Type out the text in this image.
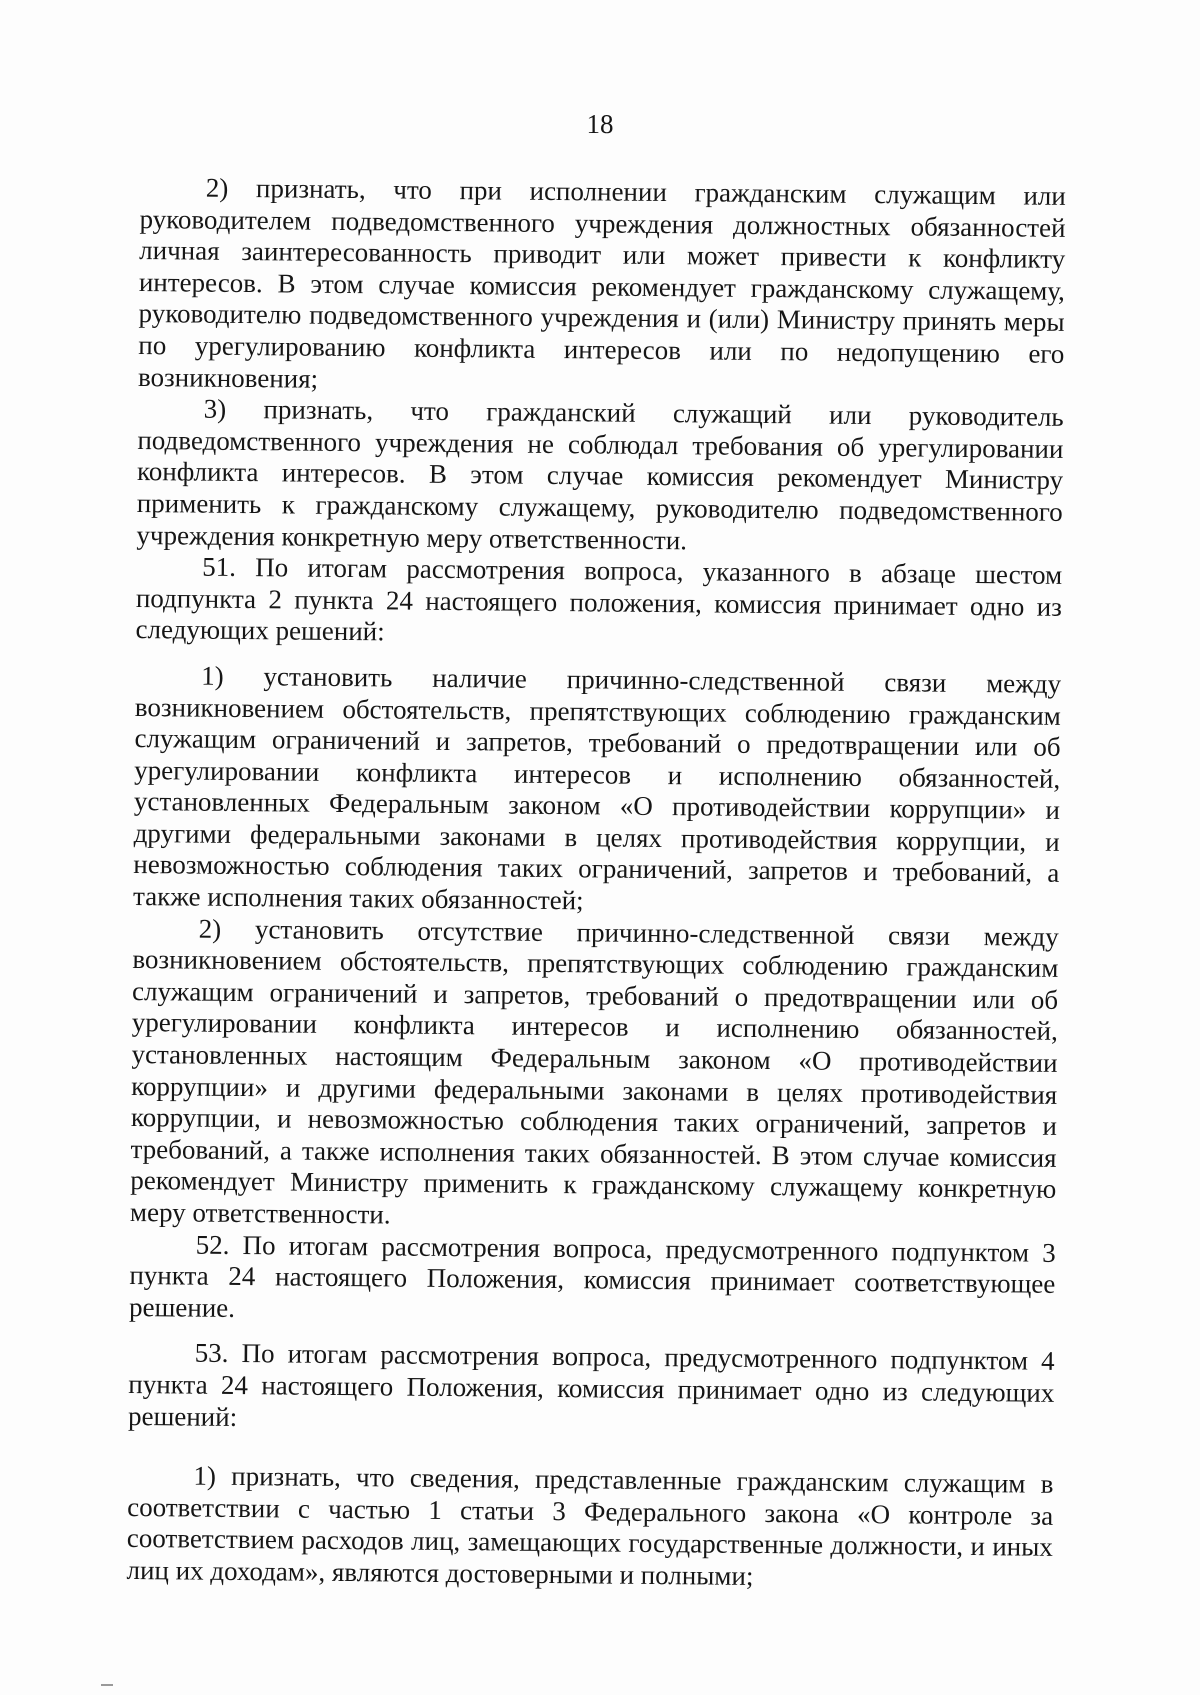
18

2) признать, что при исполнении гражданским служащим или руководителем подведомственного учреждения должностных обязанностей личная заинтересованность приводит или может привести к конфликту интересов. В этом случае комиссия рекомендует гражданскому служащему, руководителю подведомственного учреждения и (или) Министру принять меры по урегулированию конфликта интересов или по недопущению его возникновения;

3) признать, что гражданский служащий или руководитель подведомственного учреждения не соблюдал требования об урегулировании конфликта интересов. В этом случае комиссия рекомендует Министру применить к гражданскому служащему, руководителю подведомственного учреждения конкретную меру ответственности.

51. По итогам рассмотрения вопроса, указанного в абзаце шестом подпункта 2 пункта 24 настоящего положения, комиссия принимает одно из следующих решений:

1) установить наличие причинно-следственной связи между возникновением обстоятельств, препятствующих соблюдению гражданским служащим ограничений и запретов, требований о предотвращении или об урегулировании конфликта интересов и исполнению обязанностей, установленных Федеральным законом «О противодействии коррупции» и другими федеральными законами в целях противодействия коррупции, и невозможностью соблюдения таких ограничений, запретов и требований, а также исполнения таких обязанностей;

2) установить отсутствие причинно-следственной связи между возникновением обстоятельств, препятствующих соблюдению гражданским служащим ограничений и запретов, требований о предотвращении или об урегулировании конфликта интересов и исполнению обязанностей, установленных настоящим Федеральным законом «О противодействии коррупции» и другими федеральными законами в целях противодействия коррупции, и невозможностью соблюдения таких ограничений, запретов и требований, а также исполнения таких обязанностей. В этом случае комиссия рекомендует Министру применить к гражданскому служащему конкретную меру ответственности.

52. По итогам рассмотрения вопроса, предусмотренного подпунктом 3 пункта 24 настоящего Положения, комиссия принимает соответствующее решение.

53. По итогам рассмотрения вопроса, предусмотренного подпунктом 4 пункта 24 настоящего Положения, комиссия принимает одно из следующих решений:

1) признать, что сведения, представленные гражданским служащим в соответствии с частью 1 статьи 3 Федерального закона «О контроле за соответствием расходов лиц, замещающих государственные должности, и иных лиц их доходам», являются достоверными и полными;
